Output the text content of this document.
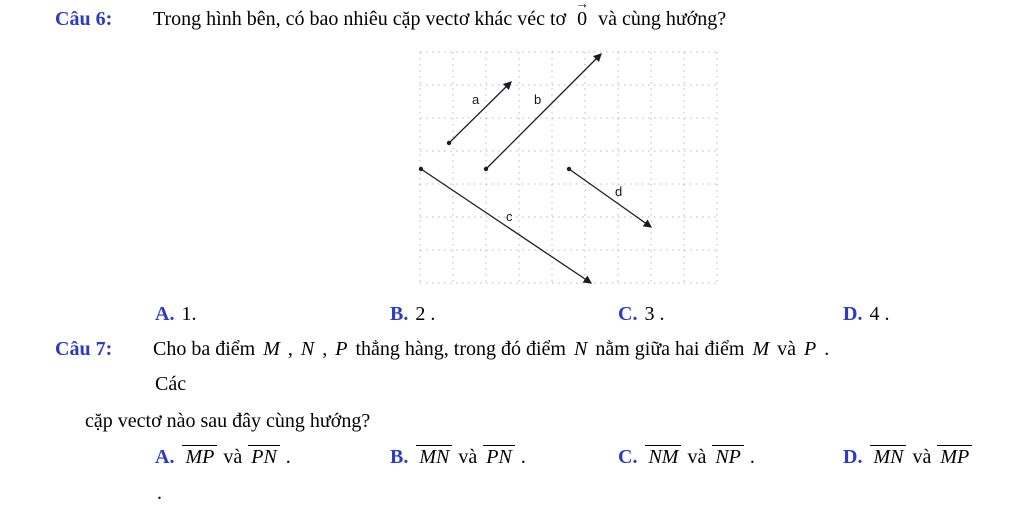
Câu 6: Trong hình bên, có bao nhiêu cặp vectơ khác véc tơ → 0 và cùng hướng?
a	b
c
d
A. 1.	B. 2 .	C. 3 .	D. 4 .
Câu 7: Cho ba điểm M , N , P thẳng hàng, trong đó điểm N nằm giữa hai điểm M và P .
Các
cặp vectơ nào sau đây cùng hướng?
A. MP và PN .	B. MN và PN .	C. NM và NP .	D. MN và MP
.
